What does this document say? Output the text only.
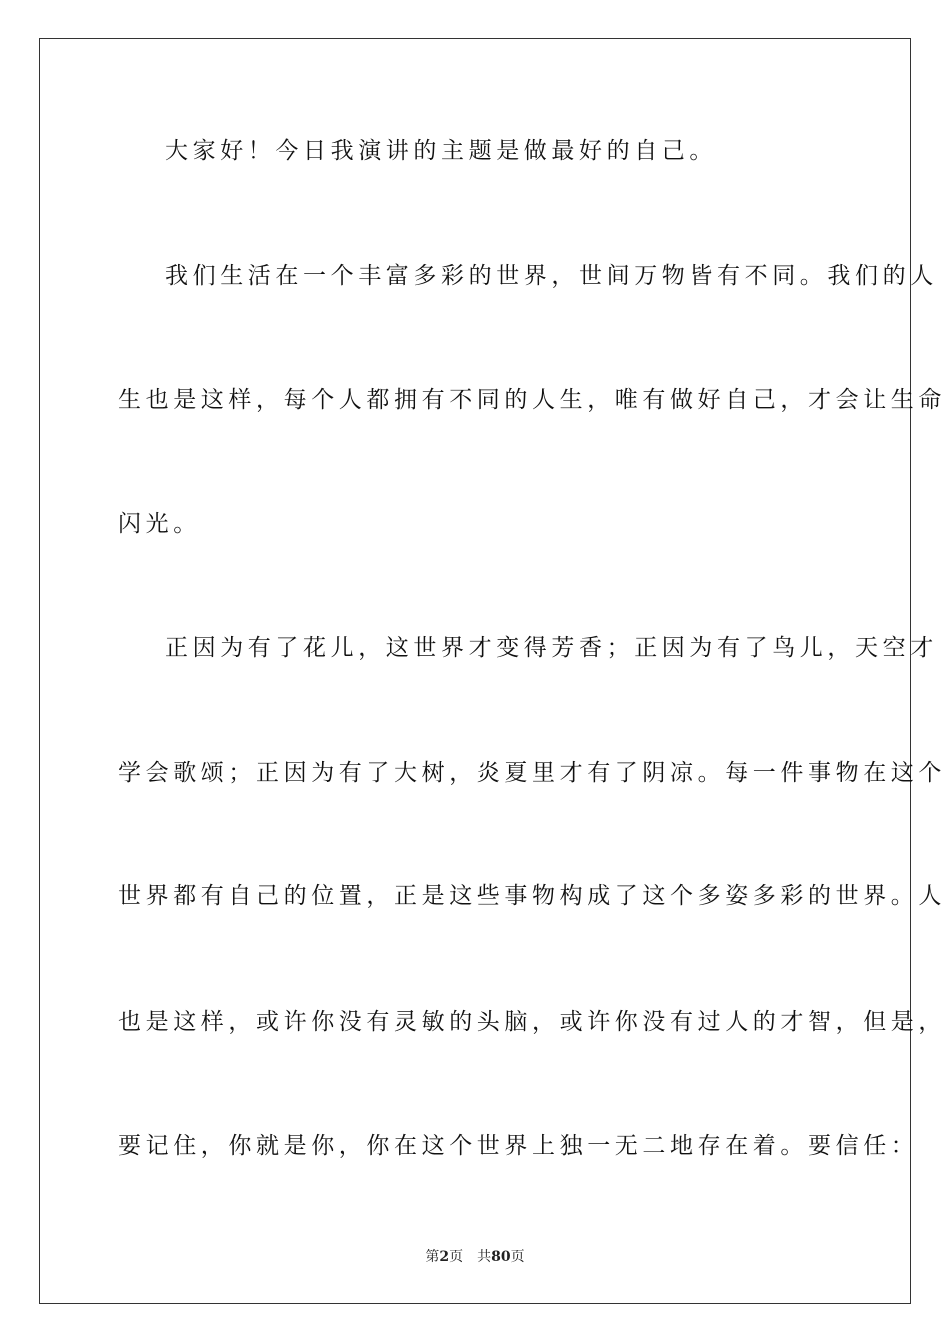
大家好！今日我演讲的主题是做最好的自己。
我们生活在一个丰富多彩的世界，世间万物皆有不同。我们的人
生也是这样，每个人都拥有不同的人生，唯有做好自己，才会让生命
闪光。
正因为有了花儿，这世界才变得芳香；正因为有了鸟儿，天空才
学会歌颂；正因为有了大树，炎夏里才有了阴凉。每一件事物在这个
世界都有自己的位置，正是这些事物构成了这个多姿多彩的世界。人
也是这样，或许你没有灵敏的头脑，或许你没有过人的才智，但是，
要记住，你就是你，你在这个世界上独一无二地存在着。要信任：
第2页 共80页
